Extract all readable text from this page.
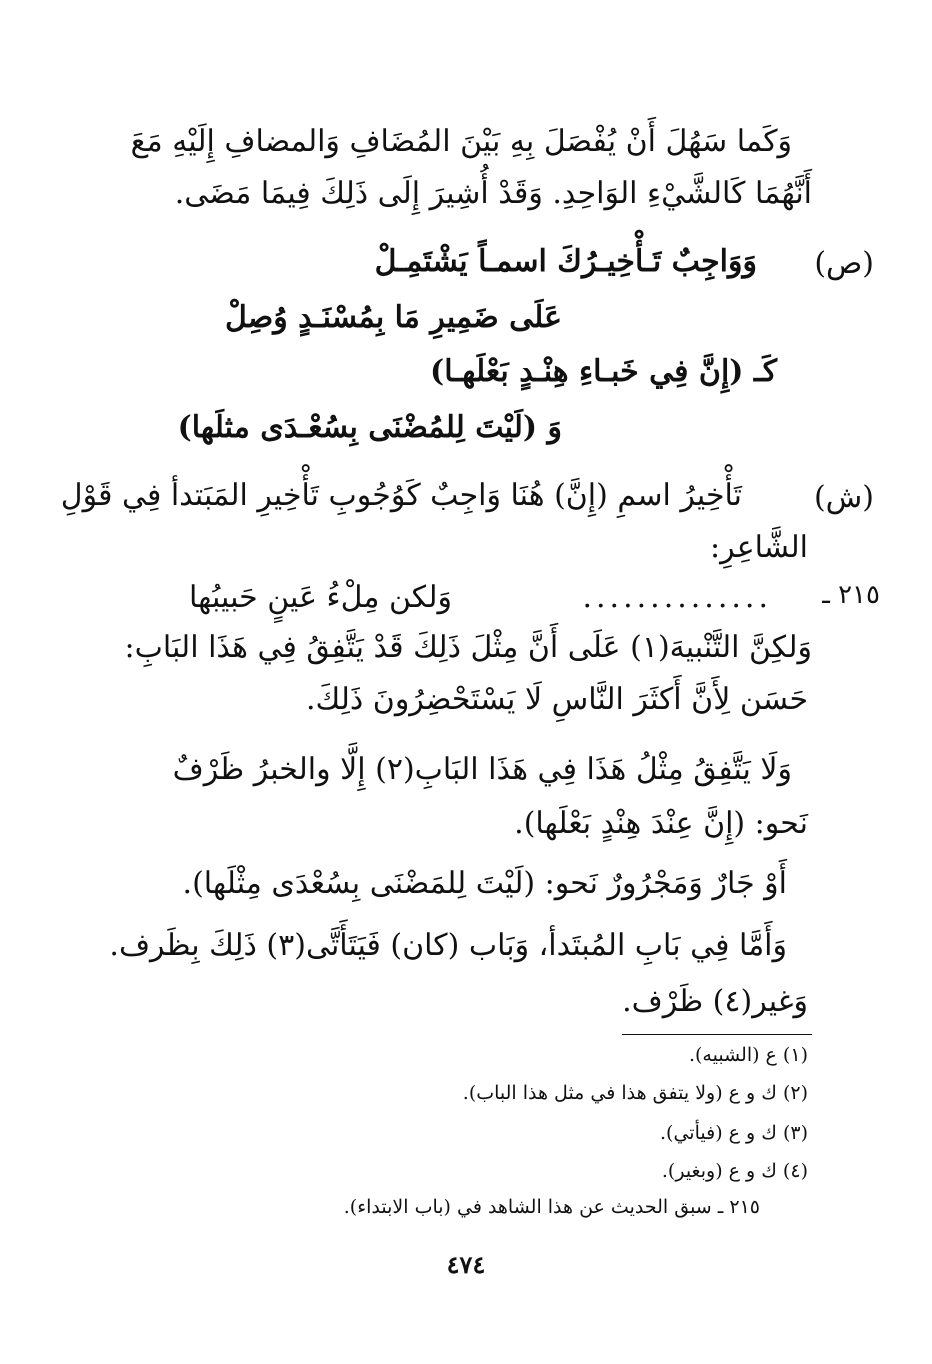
وَكَما سَهُلَ أَنْ يُفْصَلَ بِهِ بَيْنَ المُضَافِ وَالمضافِ إِلَيْهِ مَعَ
أَنَّهُمَا كَالشَّيْءِ الوَاحِدِ. وَقَدْ أُشِيرَ إِلَى ذَلِكَ فِيمَا مَضَى.
(ص)
وَوَاجِبٌ تَـأْخِيـرُكَ اسمـاً يَشْتَمِـلْ
عَلَى ضَمِيرِ مَا بِمُسْنَـدٍ وُصِلْ
كَـ (إِنَّ فِي خَبـاءِ هِنْـدٍ بَعْلَهـا)
وَ (لَيْتَ لِلمُضْنَى بِسُعْـدَى مثلَها)
(ش)
تَأْخِيرُ اسمِ (إِنَّ) هُنَا وَاجِبٌ كَوُجُوبِ تَأْخِيرِ المَبَتدأ فِي قَوْلِ
الشَّاعِرِ:
٢١٥ ـ
..............
وَلكن مِلْءُ عَينٍ حَبيبُها
وَلكِنَّ التَّنْبيهَ(١) عَلَى أَنَّ مِثْلَ ذَلِكَ قَدْ يَتَّفِقُ فِي هَذَا البَابِ:
حَسَن لِأَنَّ أَكثَرَ النَّاسِ لَا يَسْتَحْضِرُونَ ذَلِكَ.
وَلَا يَتَّفِقُ مِثْلُ هَذَا فِي هَذَا البَابِ(٢) إِلَّا والخبرُ ظَرْفٌ
نَحو: (إِنَّ عِنْدَ هِنْدٍ بَعْلَها).
أَوْ جَارٌ وَمَجْرُورٌ نَحو: (لَيْتَ لِلمَضْنَى بِسُعْدَى مِثْلَها).
وَأَمَّا فِي بَابِ المُبتَدأ، وَبَاب (كان) فَيَتَأَتَّى(٣) ذَلِكَ بِظَرف.
وَغير(٤) ظَرْف.
(١) ع (الشبيه).
(٢) ك و ع (ولا يتفق هذا في مثل هذا الباب).
(٣) ك و ع (فيأتي).
(٤) ك و ع (وبغير).
٢١٥ ـ سبق الحديث عن هذا الشاهد في (باب الابتداء).
٤٧٤
